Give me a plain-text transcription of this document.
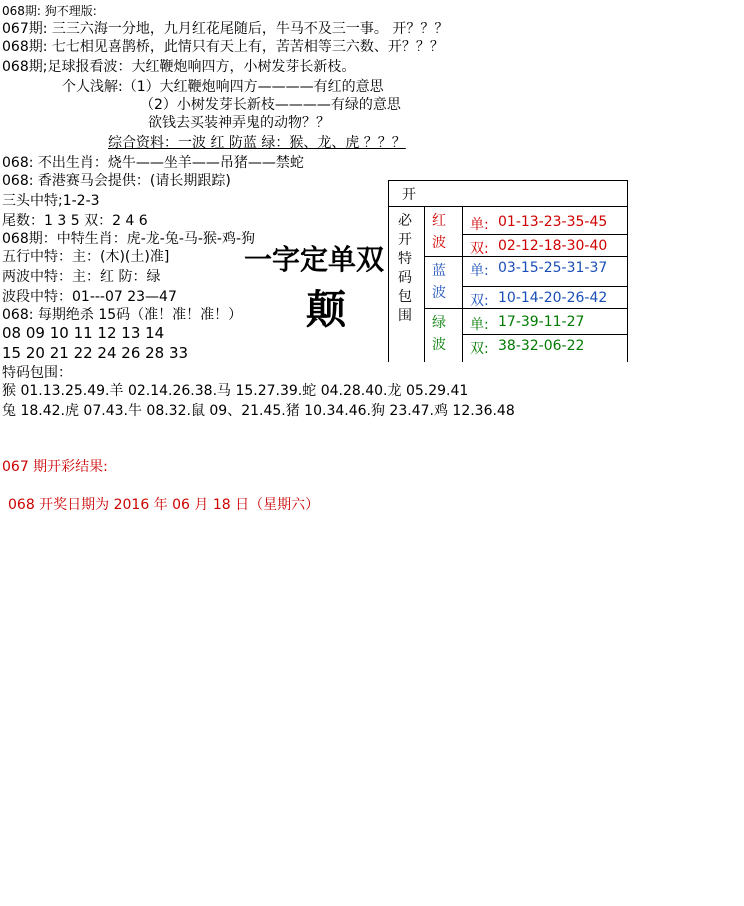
068期: 狗不理版:
067期: 三三六海一分地，九月红花尾随后，牛马不及三一事。 开？？？
068期: 七七相见喜鹊桥，此情只有天上有，苦苦相等三六数、开？？？
068期;足球报看波：大红鞭炮响四方，小树发芽长新枝。
个人浅解:（1）大红鞭炮响四方————有红的意思
（2）小树发芽长新枝————有绿的意思
欲钱去买装神弄鬼的动物？？
综合资料：一波 红 防蓝 绿：猴、龙、虎 ？？？
068: 不出生肖：烧牛——坐羊——吊猪——禁蛇
068: 香港赛马会提供：(请长期跟踪)
三头中特;1-2-3
尾数：1 3 5 双：2 4 6
068期：中特生肖：虎-龙-兔-马-猴-鸡-狗
五行中特：主：(木)(土)准]
两波中特：主：红 防：绿
波段中特：01---07 23—47
068: 每期绝杀 15码（准！准！准！）
08 09 10 11 12 13 14
15 20 21 22 24 26 28 33
特码包围：
猴 01.13.25.49.羊 02.14.26.38.马 15.27.39.蛇 04.28.40.龙 05.29.41
兔 18.42.虎 07.43.牛 08.32.鼠 09、21.45.猪 10.34.46.狗 23.47.鸡 12.36.48
067 期开彩结果:
068 开奖日期为 2016 年 06 月 18 日（星期六）
一字定单双
颠
开
必开特码包围
红波
单: 01-13-23-35-45
双: 02-12-18-30-40
蓝波
单: 03-15-25-31-37
双: 10-14-20-26-42
绿波
单: 17-39-11-27
双: 38-32-06-22
